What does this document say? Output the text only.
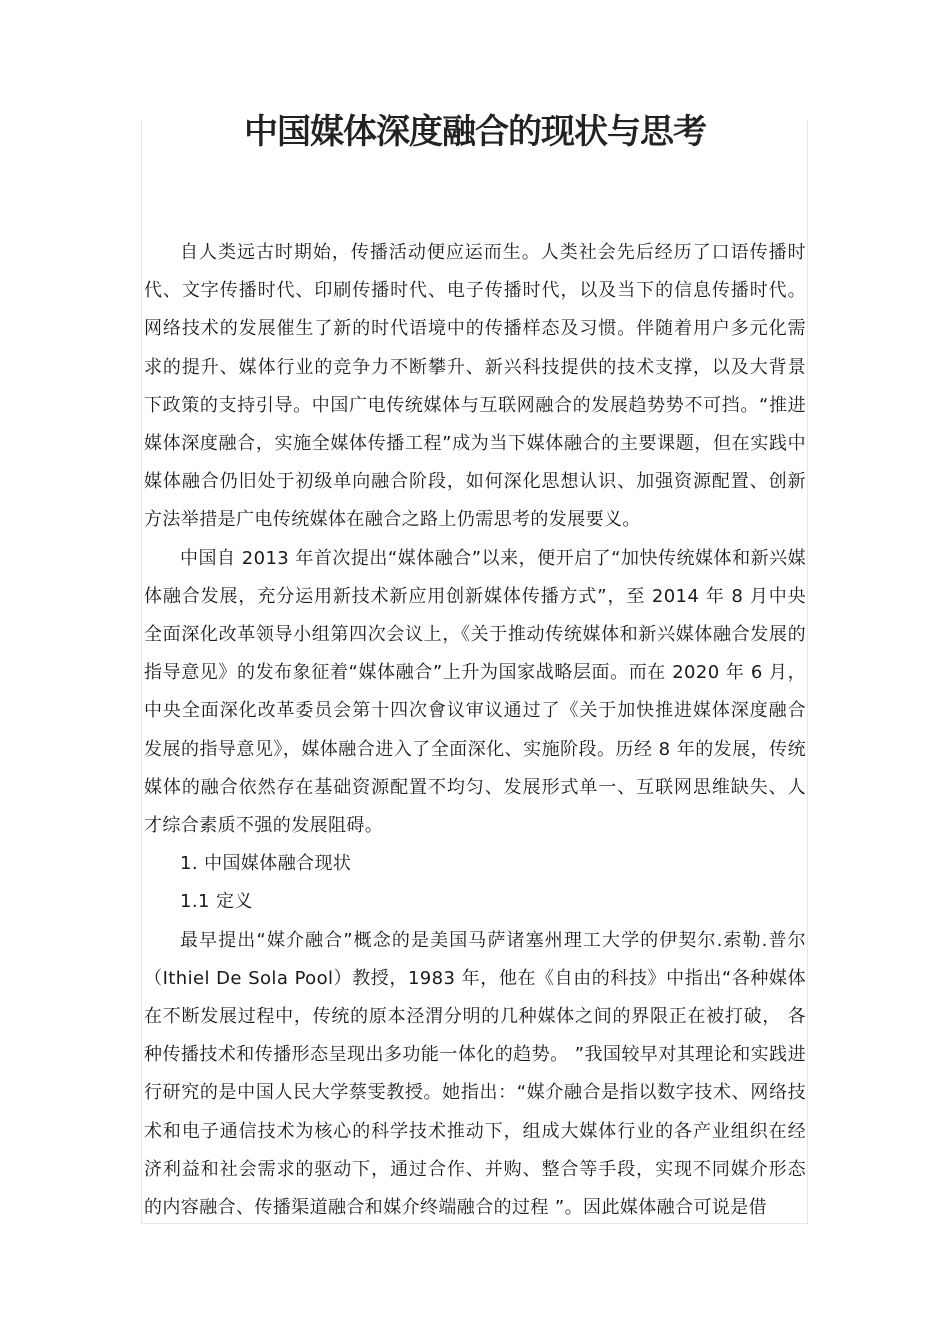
中国媒体深度融合的现状与思考

自人类远古时期始，传播活动便应运而生。人类社会先后经历了口语传播时代、文字传播时代、印刷传播时代、电子传播时代，以及当下的信息传播时代。网络技术的发展催生了新的时代语境中的传播样态及习惯。伴随着用户多元化需求的提升、媒体行业的竞争力不断攀升、新兴科技提供的技术支撑，以及大背景下政策的支持引导。中国广电传统媒体与互联网融合的发展趋势势不可挡。“推进媒体深度融合，实施全媒体传播工程”成为当下媒体融合的主要课题，但在实践中媒体融合仍旧处于初级单向融合阶段，如何深化思想认识、加强资源配置、创新方法举措是广电传统媒体在融合之路上仍需思考的发展要义。

中国自 2013 年首次提出“媒体融合”以来，便开启了“加快传统媒体和新兴媒体融合发展，充分运用新技术新应用创新媒体传播方式”，至 2014 年 8 月中央全面深化改革领导小组第四次会议上，《关于推动传统媒体和新兴媒体融合发展的指导意见》的发布象征着“媒体融合”上升为国家战略层面。而在 2020 年 6 月，中央全面深化改革委员会第十四次會议审议通过了《关于加快推进媒体深度融合发展的指导意见》，媒体融合进入了全面深化、实施阶段。历经 8 年的发展，传统媒体的融合依然存在基础资源配置不均匀、发展形式单一、互联网思维缺失、人才综合素质不强的发展阻碍。

1. 中国媒体融合现状

1.1 定义

最早提出“媒介融合”概念的是美国马萨诸塞州理工大学的伊契尔.索勒.普尔（Ithiel De Sola Pool）教授，1983 年，他在《自由的科技》中指出“各种媒体在不断发展过程中，传统的原本泾渭分明的几种媒体之间的界限正在被打破， 各种传播技术和传播形态呈现出多功能一体化的趋势。 ”我国较早对其理论和实践进行研究的是中国人民大学蔡雯教授。她指出：“媒介融合是指以数字技术、网络技术和电子通信技术为核心的科学技术推动下，组成大媒体行业的各产业组织在经济利益和社会需求的驱动下，通过合作、并购、整合等手段，实现不同媒介形态的内容融合、传播渠道融合和媒介终端融合的过程 ”。因此媒体融合可说是借
